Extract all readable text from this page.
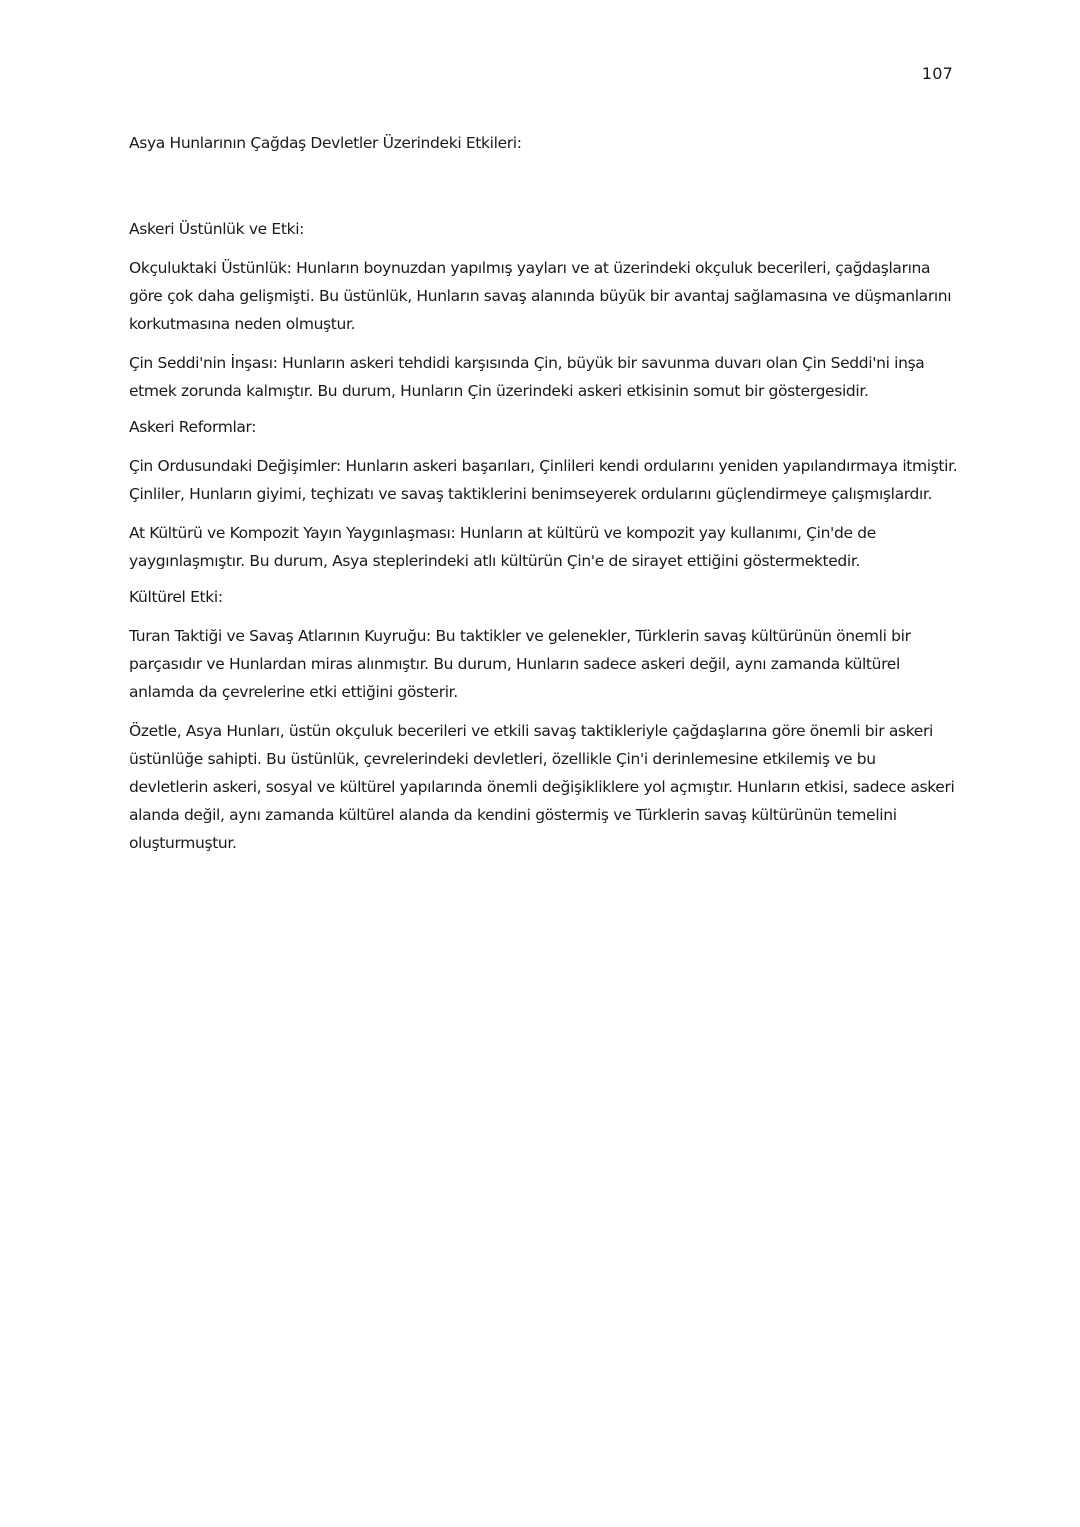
107
Asya Hunlarının Çağdaş Devletler Üzerindeki Etkileri:
Askeri Üstünlük ve Etki:

Okçuluktaki Üstünlük: Hunların boynuzdan yapılmış yayları ve at üzerindeki okçuluk becerileri, çağdaşlarına göre çok daha gelişmişti. Bu üstünlük, Hunların savaş alanında büyük bir avantaj sağlamasına ve düşmanlarını korkutmasına neden olmuştur.

Çin Seddi'nin İnşası: Hunların askeri tehdidi karşısında Çin, büyük bir savunma duvarı olan Çin Seddi'ni inşa etmek zorunda kalmıştır. Bu durum, Hunların Çin üzerindeki askeri etkisinin somut bir göstergesidir.

Askeri Reformlar:

Çin Ordusundaki Değişimler: Hunların askeri başarıları, Çinlileri kendi ordularını yeniden yapılandırmaya itmiştir. Çinliler, Hunların giyimi, teçhizatı ve savaş taktiklerini benimseyerek ordularını güçlendirmeye çalışmışlardır.

At Kültürü ve Kompozit Yayın Yaygınlaşması: Hunların at kültürü ve kompozit yay kullanımı, Çin'de de yaygınlaşmıştır. Bu durum, Asya steplerindeki atlı kültürün Çin'e de sirayet ettiğini göstermektedir.

Kültürel Etki:

Turan Taktiği ve Savaş Atlarının Kuyruğu: Bu taktikler ve gelenekler, Türklerin savaş kültürünün önemli bir parçasıdır ve Hunlardan miras alınmıştır. Bu durum, Hunların sadece askeri değil, aynı zamanda kültürel anlamda da çevrelerine etki ettiğini gösterir.

Özetle, Asya Hunları, üstün okçuluk becerileri ve etkili savaş taktikleriyle çağdaşlarına göre önemli bir askeri üstünlüğe sahipti. Bu üstünlük, çevrelerindeki devletleri, özellikle Çin'i derinlemesine etkilemiş ve bu devletlerin askeri, sosyal ve kültürel yapılarında önemli değişikliklere yol açmıştır. Hunların etkisi, sadece askeri alanda değil, aynı zamanda kültürel alanda da kendini göstermiş ve Türklerin savaş kültürünün temelini oluşturmuştur.
